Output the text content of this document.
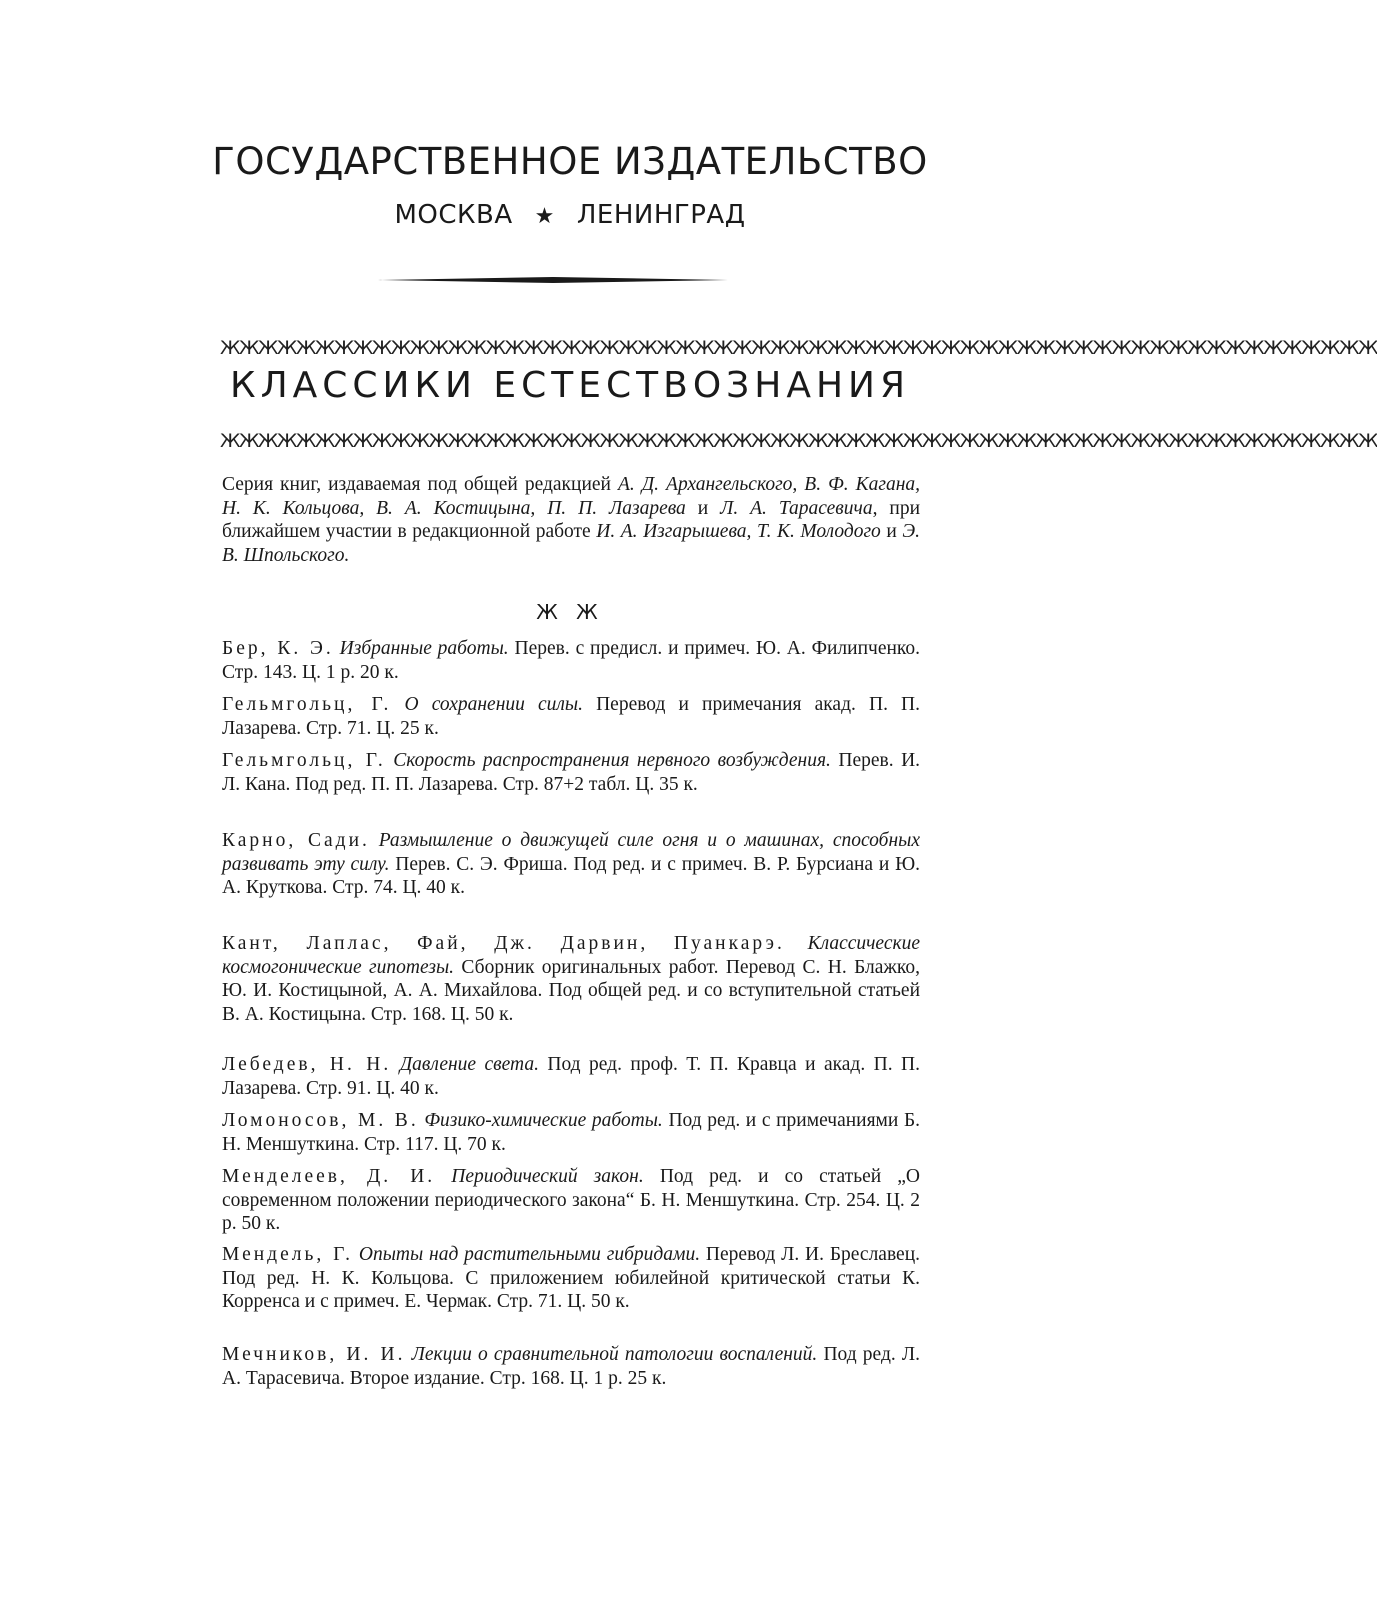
ГОСУДАРСТВЕННОЕ ИЗДАТЕЛЬСТВО
МОСКВА ★ ЛЕНИНГРАД
ЖЖЖЖЖЖЖЖЖЖЖЖЖЖЖЖЖЖЖЖЖЖЖЖЖЖЖЖЖЖЖЖЖЖЖЖЖЖЖЖЖЖЖЖЖЖЖЖЖЖЖЖЖЖЖЖЖЖЖЖЖ
КЛАССИКИ ЕСТЕСТВОЗНАНИЯ
ЖЖЖЖЖЖЖЖЖЖЖЖЖЖЖЖЖЖЖЖЖЖЖЖЖЖЖЖЖЖЖЖЖЖЖЖЖЖЖЖЖЖЖЖЖЖЖЖЖЖЖЖЖЖЖЖЖЖЖЖЖ
Серия книг, издаваемая под общей редакцией А. Д. Архангельского, В. Ф. Кагана, Н. К. Кольцова, В. А. Костицына, П. П. Лазарева и Л. А. Тарасевича, при ближайшем участии в редакционной работе И. А. Изгарышева, Т. К. Молодого и Э. В. Шпольского.
Ж Ж
Бер, К. Э. Избранные работы. Перев. с предисл. и примеч. Ю. А. Филипченко. Стр. 143. Ц. 1 р. 20 к.
Гельмгольц, Г. О сохранении силы. Перевод и примечания акад. П. П. Лазарева. Стр. 71. Ц. 25 к.
Гельмгольц, Г. Скорость распространения нервного возбуждения. Перев. И. Л. Кана. Под ред. П. П. Лазарева. Стр. 87+2 табл. Ц. 35 к.
Карно, Сади. Размышление о движущей силе огня и о машинах, способных развивать эту силу. Перев. С. Э. Фриша. Под ред. и с примеч. В. Р. Бурсиана и Ю. А. Круткова. Стр. 74. Ц. 40 к.
Кант, Лаплас, Фай, Дж. Дарвин, Пуанкарэ. Классические космогонические гипотезы. Сборник оригинальных работ. Перевод С. Н. Блажко, Ю. И. Костицыной, А. А. Михайлова. Под общей ред. и со вступительной статьей В. А. Костицына. Стр. 168. Ц. 50 к.
Лебедев, Н. Н. Давление света. Под ред. проф. Т. П. Кравца и акад. П. П. Лазарева. Стр. 91. Ц. 40 к.
Ломоносов, М. В. Физико-химические работы. Под ред. и с примечаниями Б. Н. Меншуткина. Стр. 117. Ц. 70 к.
Менделеев, Д. И. Периодический закон. Под ред. и со статьей „О современном положении периодического закона“ Б. Н. Меншуткина. Стр. 254. Ц. 2 р. 50 к.
Мендель, Г. Опыты над растительными гибридами. Перевод Л. И. Бреславец. Под ред. Н. К. Кольцова. С приложением юбилейной критической статьи К. Корренса и с примеч. Е. Чермак. Стр. 71. Ц. 50 к.
Мечников, И. И. Лекции о сравнительной патологии воспалений. Под ред. Л. А. Тарасевича. Второе издание. Стр. 168. Ц. 1 р. 25 к.
